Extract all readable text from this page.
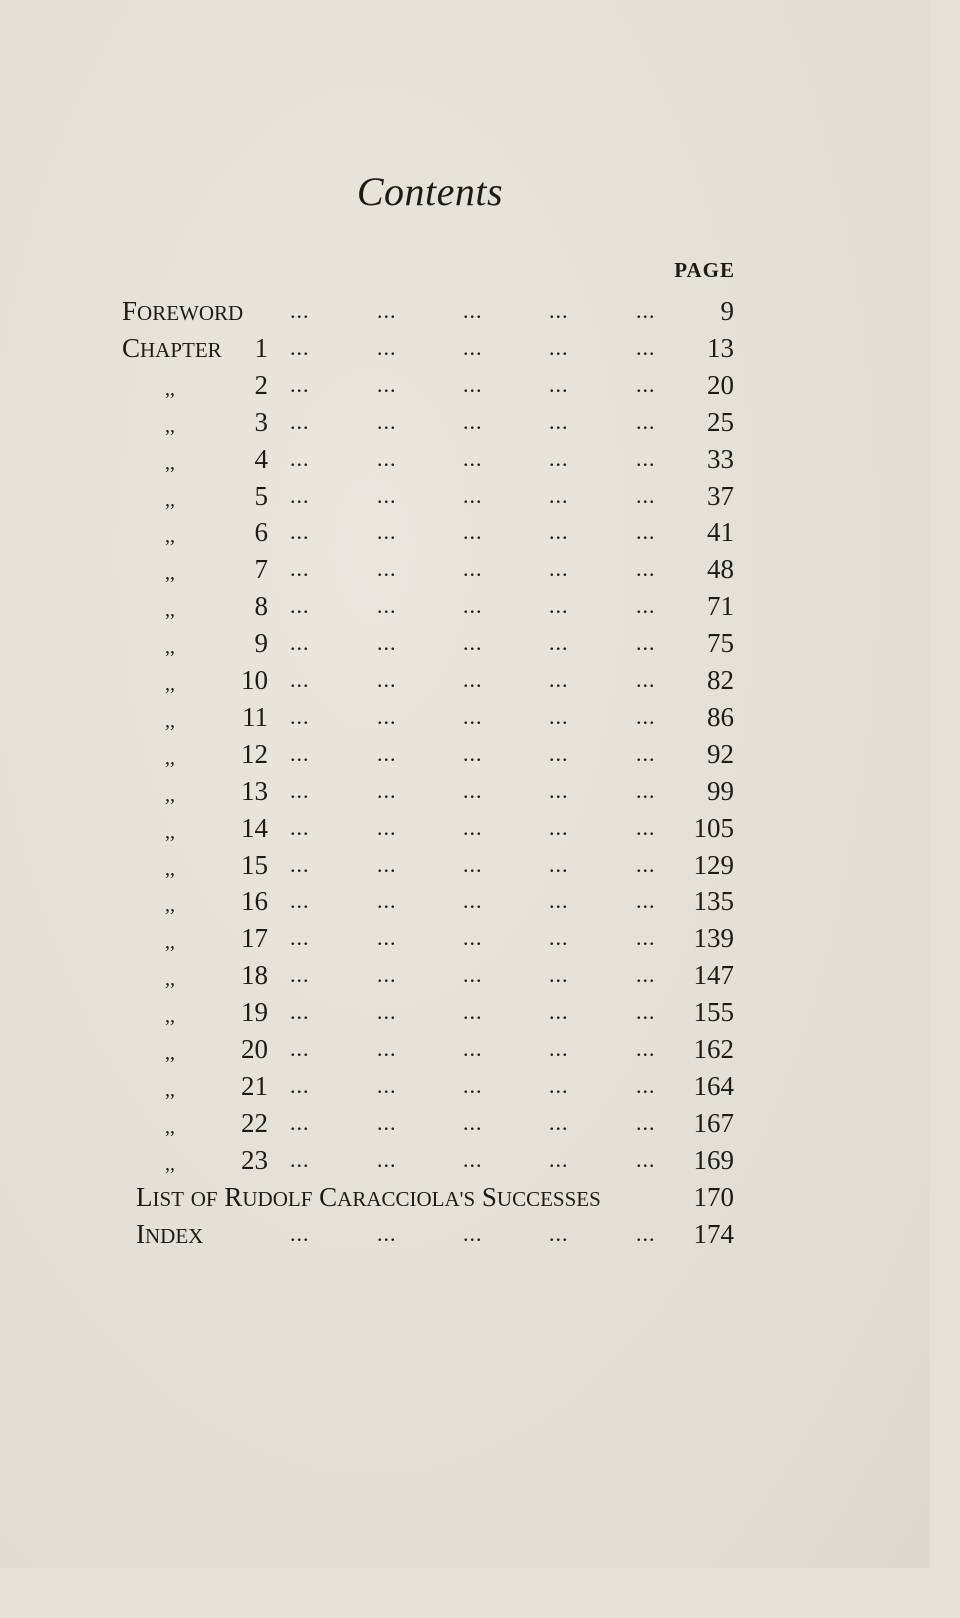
Contents
PAGE
FOREWORD ...	...	...	...	...	9
CHAPTER	1 ...	...	...	...	...	13
,,	2 ...	...	...	...	...	20
,,	3 ...	...	...	...	...	25
,,	4 ...	...	...	...	...	33
,,	5 ...	...	...	...	...	37
,,	6 ...	...	...	...	...	41
,,	7 ...	...	...	...	...	48
,,	8 ...	...	...	...	...	71
,,	9 ...	...	...	...	...	75
,,	10 ...	...	...	...	...	82
,,	11 ...	...	...	...	...	86
,,	12 ...	...	...	...	...	92
,,	13 ...	...	...	...	...	99
,,	14 ...	...	...	...	...	105
,,	15 ...	...	...	...	...	129
,,	16 ...	...	...	...	...	135
,,	17 ...	...	...	...	...	139
,,	18 ...	...	...	...	...	147
,,	19 ...	...	...	...	...	155
,,	20 ...	...	...	...	...	162
,,	21 ...	...	...	...	...	164
,,	22 ...	...	...	...	...	167
,,	23 ...	...	...	...	...	169
LIST OF RUDOLF CARACCIOLA'S SUCCESSES	170
INDEX	...	...	...	...	...	174
